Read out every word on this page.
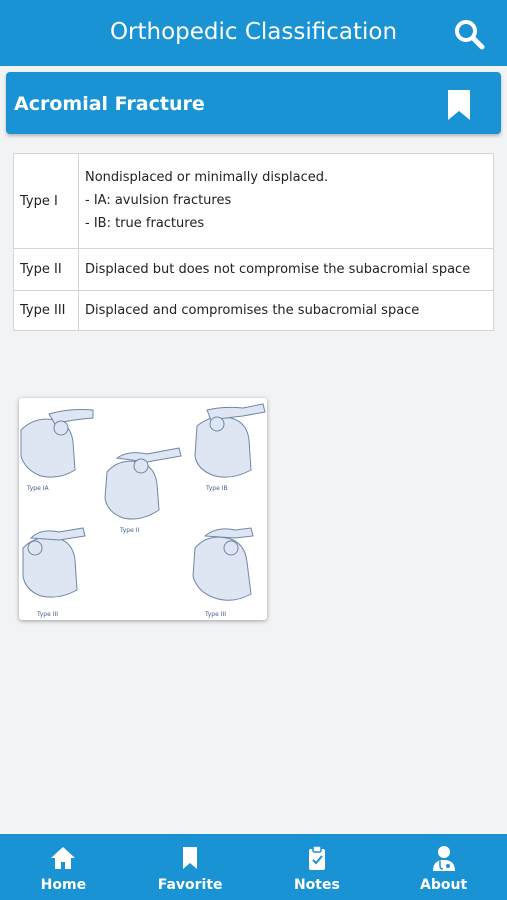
Orthopedic Classification
Acromial Fracture
Type I	Nondisplaced or minimally displaced.

- IA: avulsion fractures

- IB: true fractures

Type II	Displaced but does not compromise the subacromial space
Type III	Displaced and compromises the subacromial space
Type IA
Type II
Type IB
Type III	Type III
Home	Favorite	Notes	About
